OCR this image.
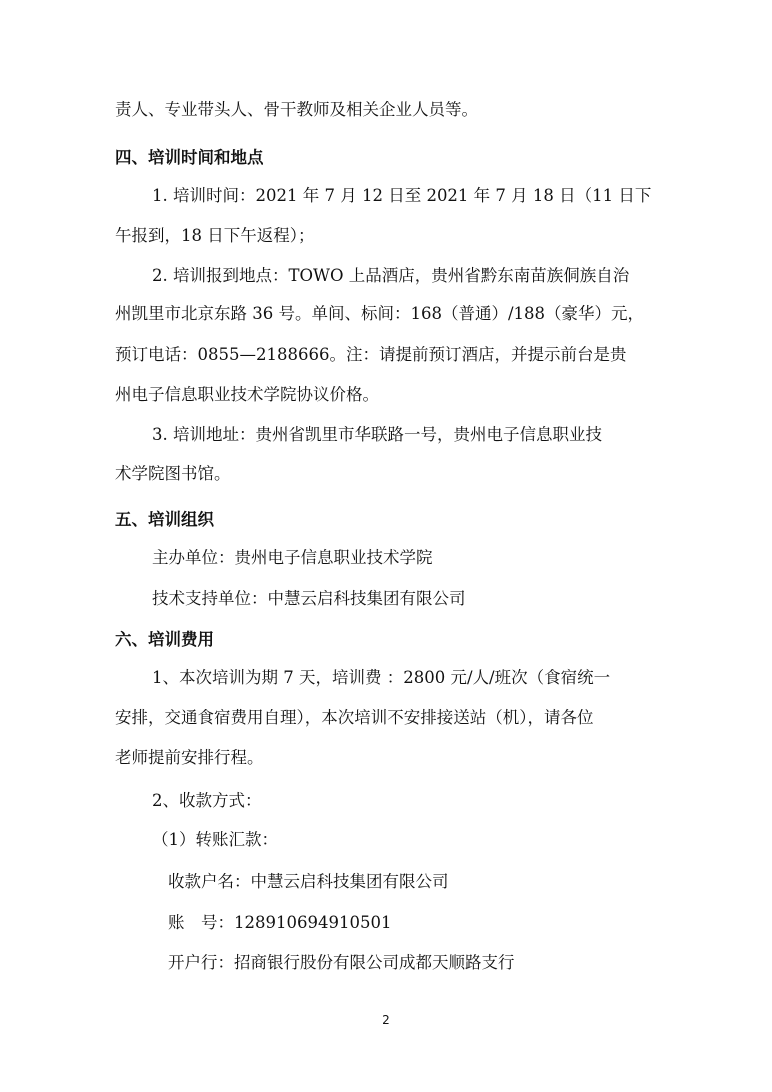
责人、专业带头人、骨干教师及相关企业人员等。
四、培训时间和地点
1. 培训时间：2021 年 7 月 12 日至 2021 年 7 月 18 日（11 日下
午报到，18 日下午返程）；
2. 培训报到地点：TOWO 上品酒店，贵州省黔东南苗族侗族自治
州凯里市北京东路 36 号。单间、标间：168（普通）/188（豪华）元，
预订电话：0855—2188666。注：请提前预订酒店，并提示前台是贵
州电子信息职业技术学院协议价格。
3. 培训地址：贵州省凯里市华联路一号，贵州电子信息职业技
术学院图书馆。
五、培训组织
主办单位：贵州电子信息职业技术学院
技术支持单位：中慧云启科技集团有限公司
六、培训费用
1、本次培训为期 7 天，培训费 ：2800 元/人/班次（食宿统一
安排，交通食宿费用自理），本次培训不安排接送站（机），请各位
老师提前安排行程。
2、收款方式：
（1）转账汇款：
收款户名：中慧云启科技集团有限公司
账　号：128910694910501
开户行：招商银行股份有限公司成都天顺路支行
2
